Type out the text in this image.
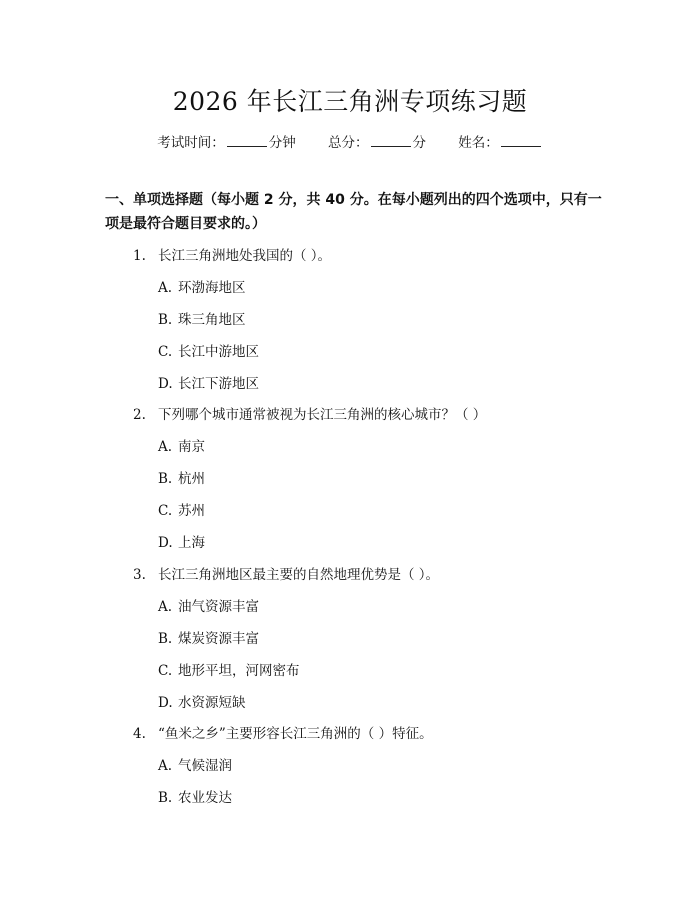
2026 年长江三角洲专项练习题
考试时间：	分钟 总分：	分 姓名：
一、单项选择题（每小题 2 分，共 40 分。在每小题列出的四个选项中，只有一项是最符合题目要求的。）
1. 长江三角洲地处我国的（ ）。
A. 环渤海地区
B. 珠三角地区
C. 长江中游地区
D. 长江下游地区
2. 下列哪个城市通常被视为长江三角洲的核心城市？（ ）
A. 南京
B. 杭州
C. 苏州
D. 上海
3. 长江三角洲地区最主要的自然地理优势是（ ）。
A. 油气资源丰富
B. 煤炭资源丰富
C. 地形平坦，河网密布
D. 水资源短缺
4. “鱼米之乡”主要形容长江三角洲的（ ）特征。
A. 气候湿润
B. 农业发达
